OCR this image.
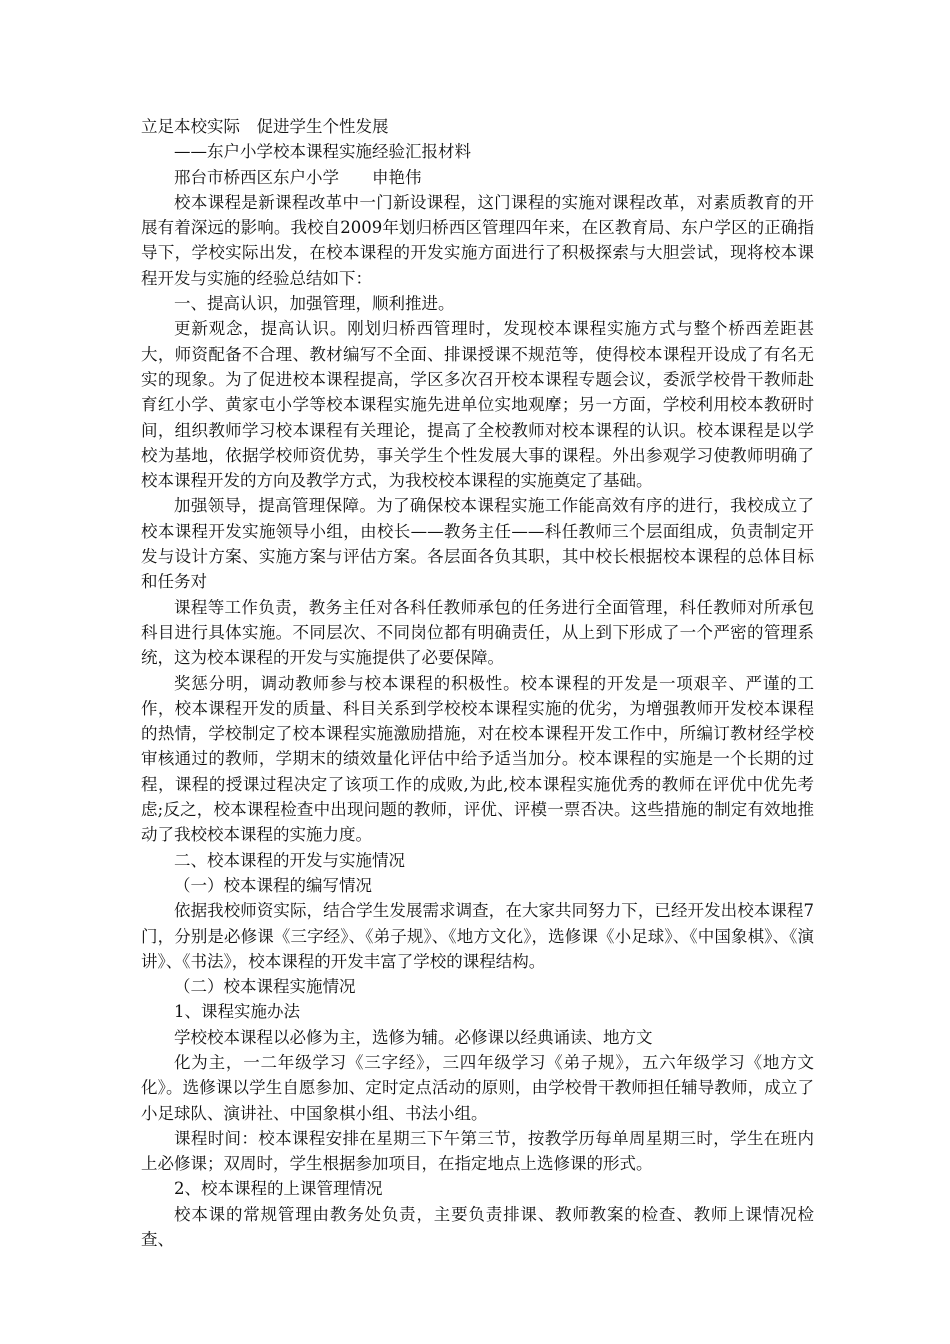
立足本校实际　促进学生个性发展
——东户小学校本课程实施经验汇报材料
邢台市桥西区东户小学　　申艳伟

校本课程是新课程改革中一门新设课程，这门课程的实施对课程改革，对素质教育的开展有着深远的影响。我校自2009年划归桥西区管理四年来，在区教育局、东户学区的正确指导下，学校实际出发，在校本课程的开发实施方面进行了积极探索与大胆尝试，现将校本课程开发与实施的经验总结如下：

一、提高认识，加强管理，顺利推进。

更新观念，提高认识。刚划归桥西管理时，发现校本课程实施方式与整个桥西差距甚大，师资配备不合理、教材编写不全面、排课授课不规范等，使得校本课程开设成了有名无实的现象。为了促进校本课程提高，学区多次召开校本课程专题会议，委派学校骨干教师赴育红小学、黄家屯小学等校本课程实施先进单位实地观摩；另一方面，学校利用校本教研时间，组织教师学习校本课程有关理论，提高了全校教师对校本课程的认识。校本课程是以学校为基地，依据学校师资优势，事关学生个性发展大事的课程。外出参观学习使教师明确了校本课程开发的方向及教学方式，为我校校本课程的实施奠定了基础。

加强领导，提高管理保障。为了确保校本课程实施工作能高效有序的进行，我校成立了校本课程开发实施领导小组，由校长——教务主任——科任教师三个层面组成，负责制定开发与设计方案、实施方案与评估方案。各层面各负其职，其中校长根据校本课程的总体目标和任务对

课程等工作负责，教务主任对各科任教师承包的任务进行全面管理，科任教师对所承包科目进行具体实施。不同层次、不同岗位都有明确责任，从上到下形成了一个严密的管理系统，这为校本课程的开发与实施提供了必要保障。

奖惩分明，调动教师参与校本课程的积极性。校本课程的开发是一项艰辛、严谨的工作，校本课程开发的质量、科目关系到学校校本课程实施的优劣，为增强教师开发校本课程的热情，学校制定了校本课程实施激励措施，对在校本课程开发工作中，所编订教材经学校审核通过的教师，学期末的绩效量化评估中给予适当加分。校本课程的实施是一个长期的过程，课程的授课过程决定了该项工作的成败,为此,校本课程实施优秀的教师在评优中优先考虑;反之，校本课程检查中出现问题的教师，评优、评模一票否决。这些措施的制定有效地推动了我校校本课程的实施力度。

二、校本课程的开发与实施情况

（一）校本课程的编写情况

依据我校师资实际，结合学生发展需求调查，在大家共同努力下，已经开发出校本课程7门，分别是必修课《三字经》、《弟子规》、《地方文化》，选修课《小足球》、《中国象棋》、《演讲》、《书法》，校本课程的开发丰富了学校的课程结构。

（二）校本课程实施情况

1、课程实施办法

学校校本课程以必修为主，选修为辅。必修课以经典诵读、地方文

化为主，一二年级学习《三字经》，三四年级学习《弟子规》，五六年级学习《地方文化》。选修课以学生自愿参加、定时定点活动的原则，由学校骨干教师担任辅导教师，成立了小足球队、演讲社、中国象棋小组、书法小组。

课程时间：校本课程安排在星期三下午第三节，按教学历每单周星期三时，学生在班内上必修课；双周时，学生根据参加项目，在指定地点上选修课的形式。

2、校本课程的上课管理情况

校本课的常规管理由教务处负责，主要负责排课、教师教案的检查、教师上课情况检查、
